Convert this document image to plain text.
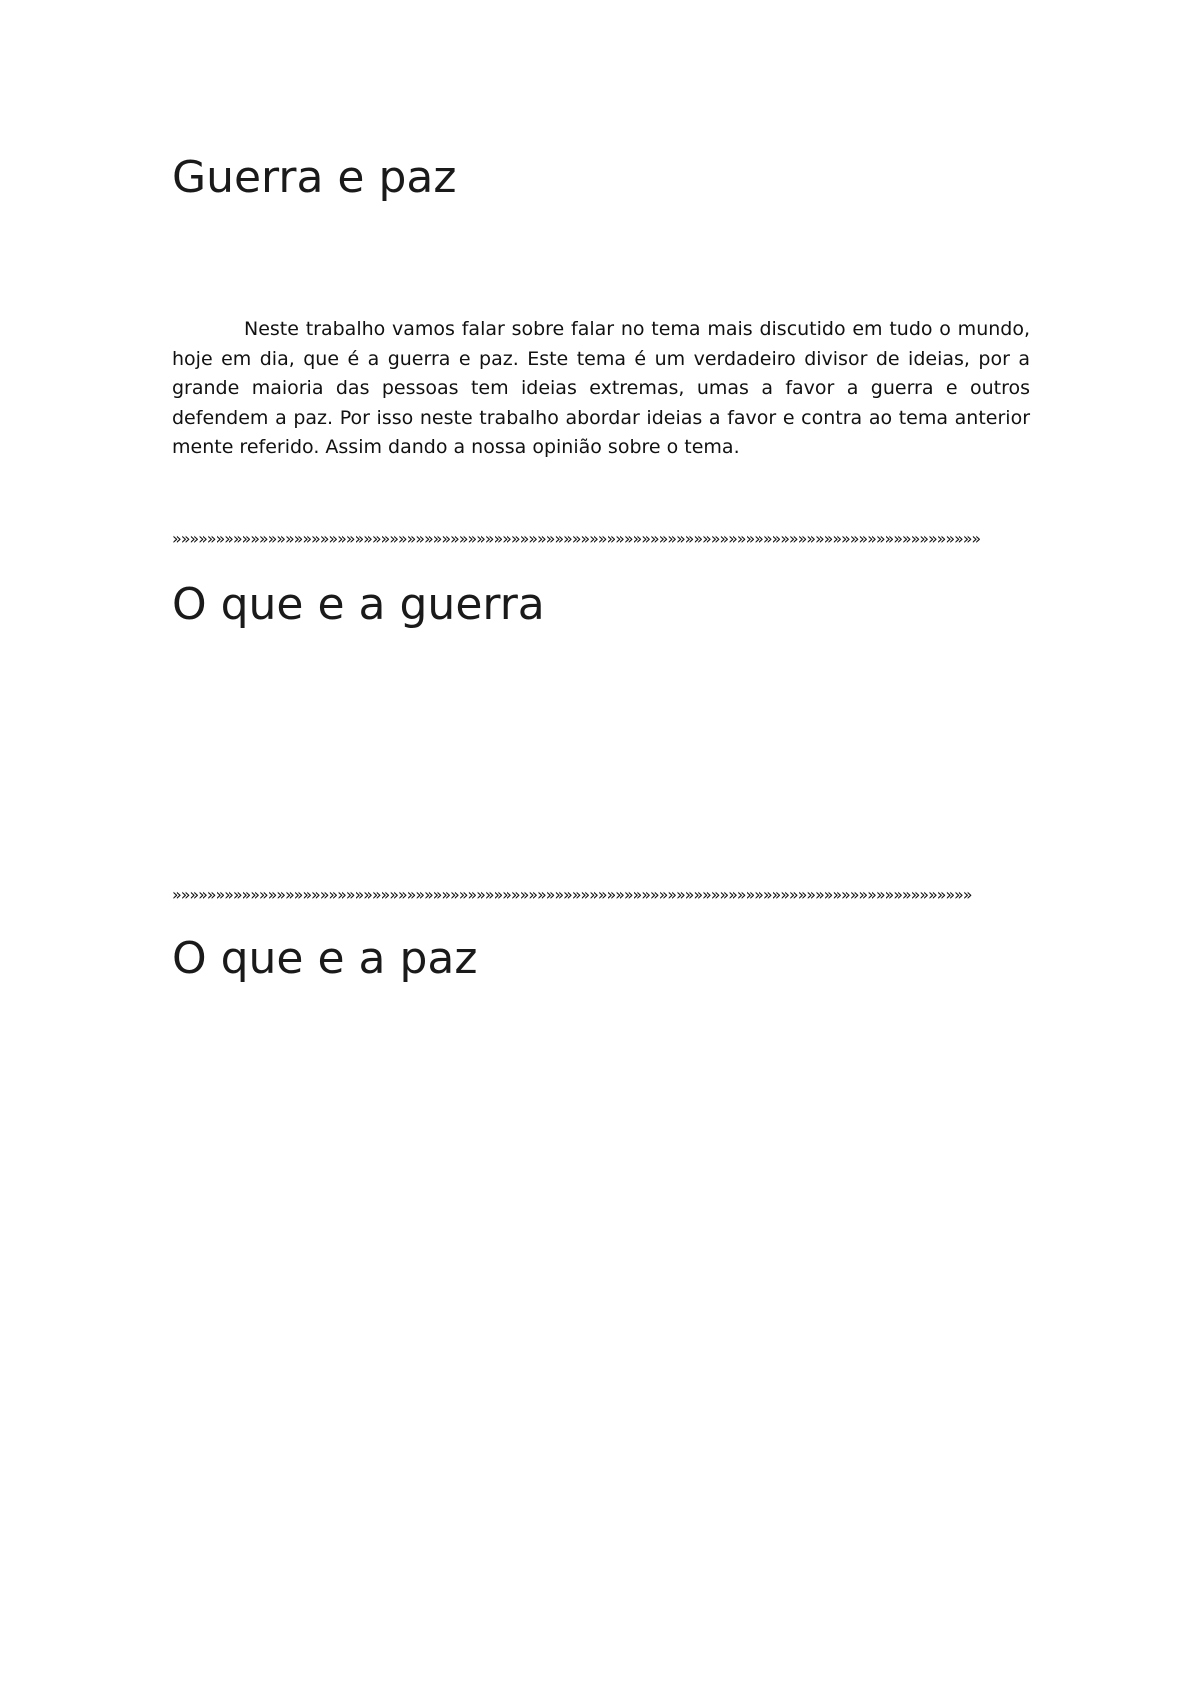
Guerra e paz

Neste trabalho vamos falar sobre falar no tema mais discutido em tudo o mundo, hoje em dia, que é a guerra e paz. Este tema é um verdadeiro divisor de ideias, por a grande maioria das pessoas tem ideias extremas, umas a favor a guerra e outros defendem a paz. Por isso neste trabalho abordar ideias a favor e contra ao tema anterior mente referido. Assim dando a nossa opinião sobre o tema.

»»»»»»»»»»»»»»»»»»»»»»»»»»»»»»»»»»»»»»»»»»»»»»»»»»»»»»»»»»»»»»»»»»»»»»»»»»»»»»»»»»»»»»»»»»»»»
O que e a guerra
»»»»»»»»»»»»»»»»»»»»»»»»»»»»»»»»»»»»»»»»»»»»»»»»»»»»»»»»»»»»»»»»»»»»»»»»»»»»»»»»»»»»»»»»»»»»
O que e a paz
